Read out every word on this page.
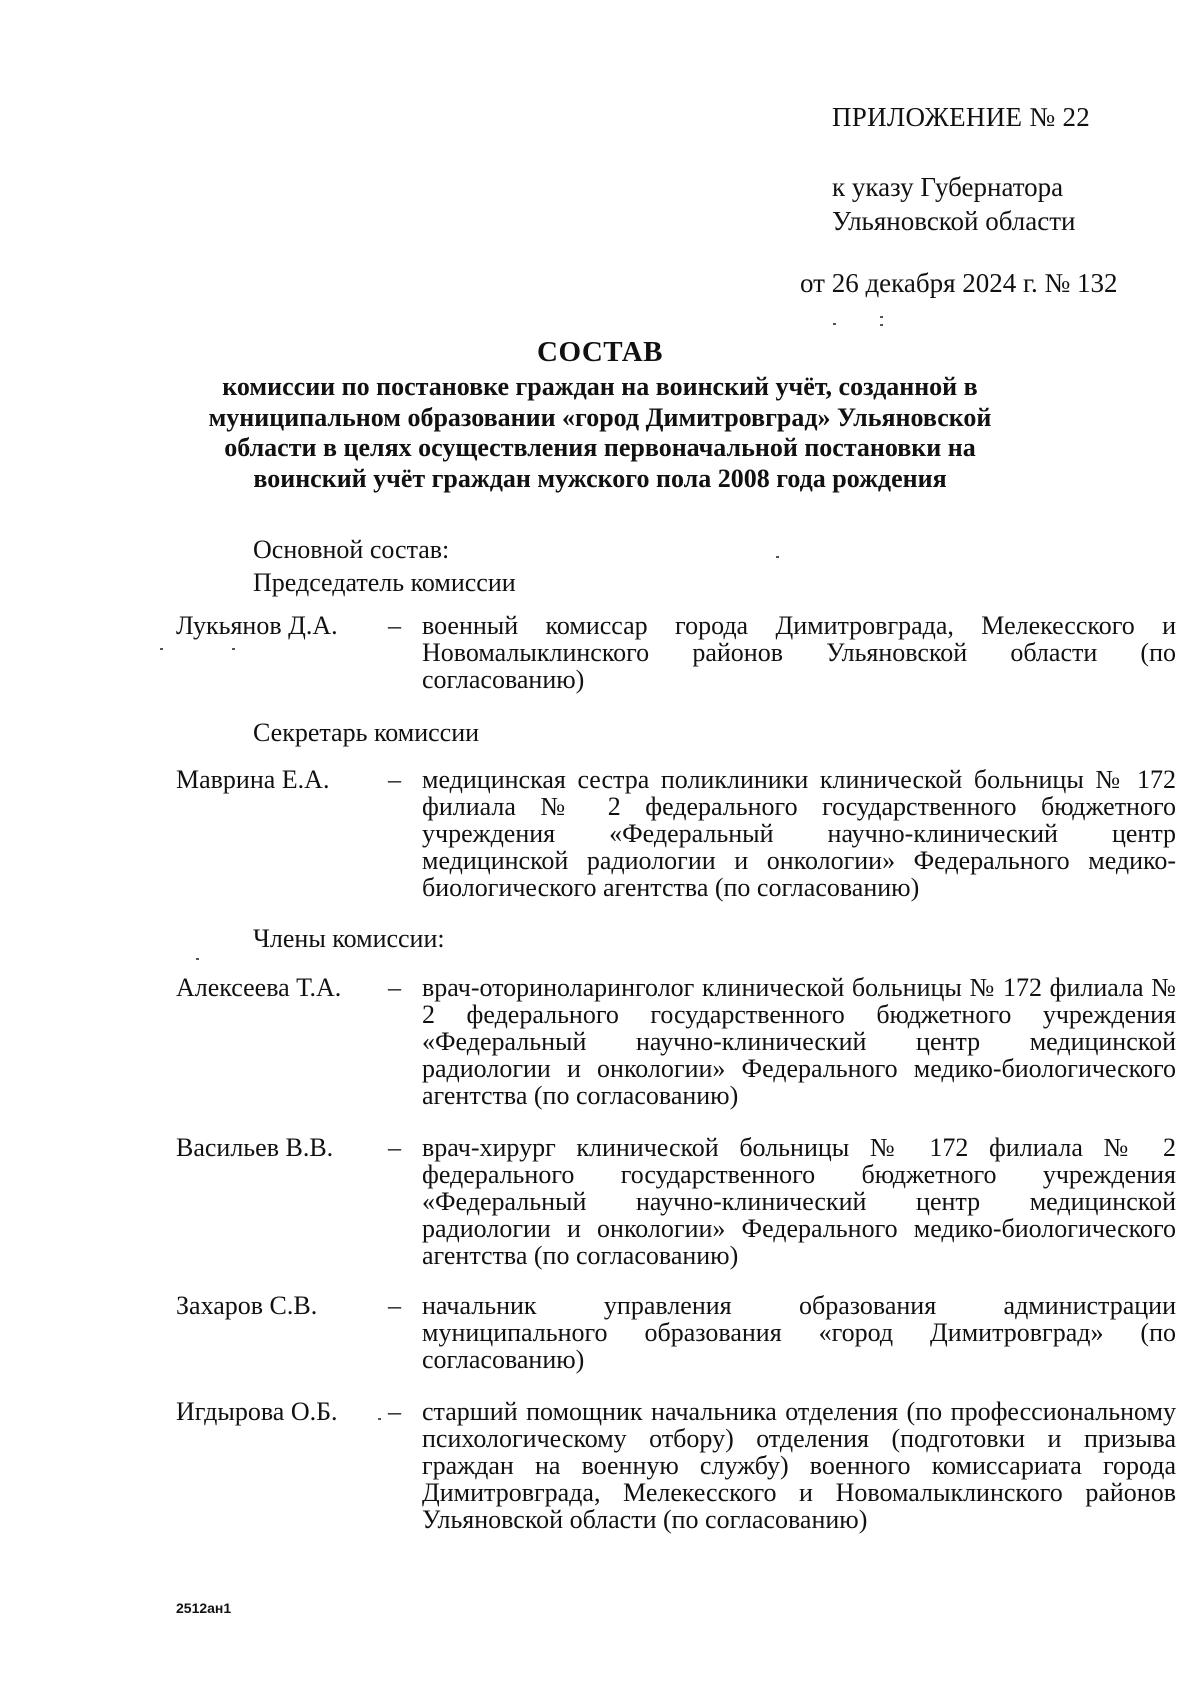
ПРИЛОЖЕНИЕ № 22
к указу Губернатора
Ульяновской области
от 26 декабря 2024 г. № 132
СОСТАВ
комиссии по постановке граждан на воинский учёт, созданной в муниципальном образовании «город Димитровград» Ульяновской области в целях осуществления первоначальной постановки на воинский учёт граждан мужского пола 2008 года рождения
Основной состав:
Председатель комиссии
Лукьянов Д.А.	– военный комиссар города Димитровграда, Мелекесского и Новомалыклинского районов Ульяновской области (по согласованию)
Секретарь комиссии
Маврина Е.А.	– медицинская сестра поликлиники клинической больницы № 172 филиала № 2 федерального государственного бюджетного учреждения «Федеральный научно-клинический центр медицинской радиологии и онкологии» Федерального медико-биологического агентства (по согласованию)
Члены комиссии:
Алексеева Т.А.	– врач-оториноларинголог клинической больницы № 172 филиала № 2 федерального государственного бюджетного учреждения «Федеральный научно-клинический центр медицинской радиологии и онкологии» Федерального медико-биологического агентства (по согласованию)
Васильев В.В.	– врач-хирург клинической больницы № 172 филиала № 2 федерального государственного бюджетного учреждения «Федеральный научно-клинический центр медицинской радиологии и онкологии» Федерального медико-биологического агентства (по согласованию)
Захаров С.В.	– начальник управления образования администрации муниципального образования «город Димитровград» (по согласованию)
Игдырова О.Б.	– старший помощник начальника отделения (по профессиональному психологическому отбору) отделения (подготовки и призыва граждан на военную службу) военного комиссариата города Димитровграда, Мелекесского и Новомалыклинского районов Ульяновской области (по согласованию)
2512ан1
